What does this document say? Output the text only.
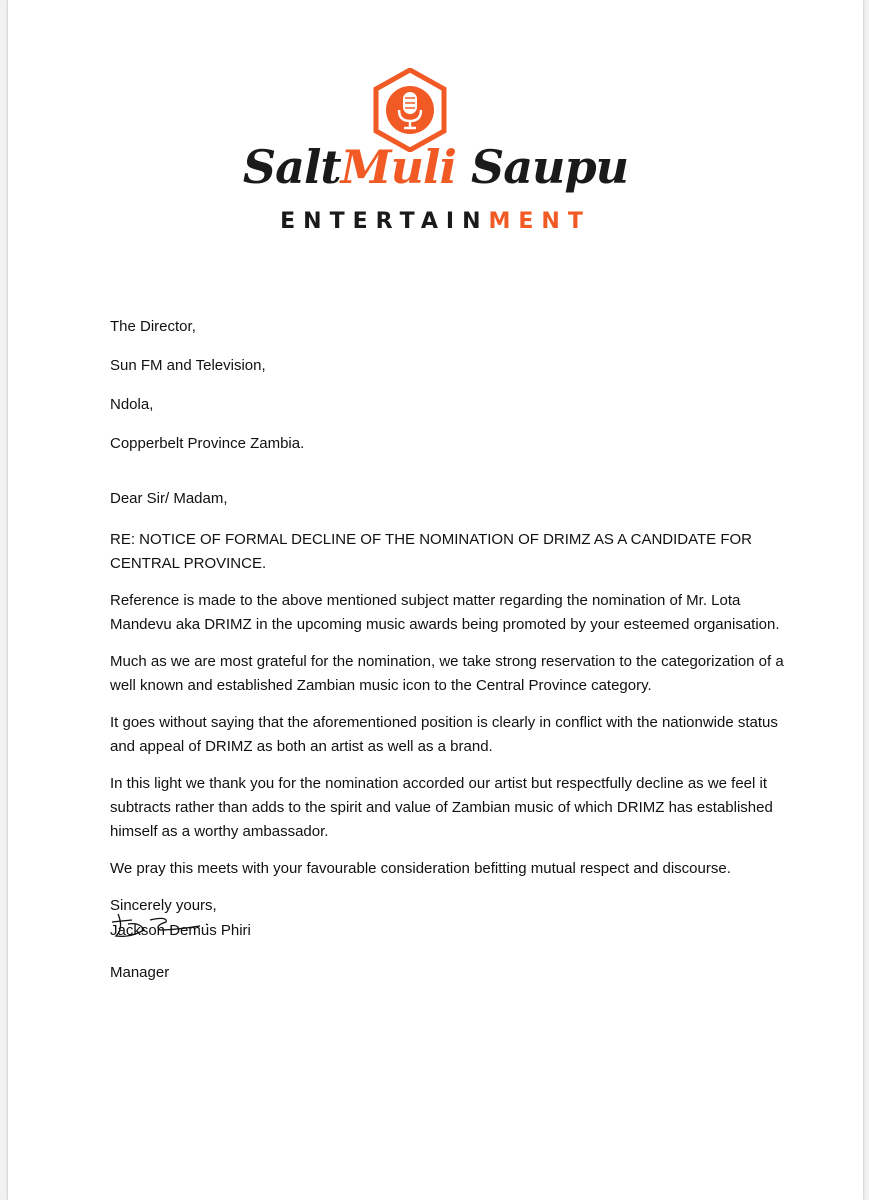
SaltMuli Saupu
ENTERTAINMENT
The Director,
Sun FM and Television,
Ndola,
Copperbelt Province Zambia.
Dear Sir/ Madam,

RE: NOTICE OF FORMAL DECLINE OF THE NOMINATION OF DRIMZ AS A CANDIDATE FOR CENTRAL PROVINCE.

Reference is made to the above mentioned subject matter regarding the nomination of Mr. Lota Mandevu aka DRIMZ in the upcoming music awards being promoted by your esteemed organisation.

Much as we are most grateful for the nomination, we take strong reservation to the categorization of a well known and established Zambian music icon to the Central Province category.

It goes without saying that the aforementioned position is clearly in conflict with the nationwide status and appeal of DRIMZ as both an artist as well as a brand.

In this light we thank you for the nomination accorded our artist but respectfully decline as we feel it subtracts rather than adds to the spirit and value of Zambian music of which DRIMZ has established himself as a worthy ambassador.

We pray this meets with your favourable consideration befitting mutual respect and discourse.

Sincerely yours,
Jackson Demus Phiri
Manager
